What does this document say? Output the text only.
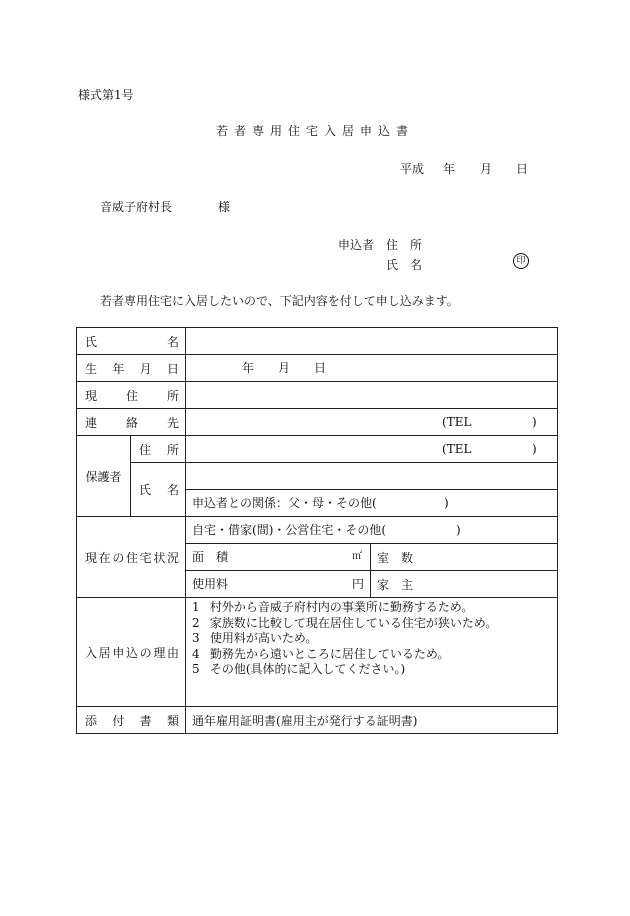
様式第1号
若者専用住宅入居申込書
平成 年 月 日
音威子府村長	様
申込者 住　所
氏　名	印
若者専用住宅に入居したいので、下記内容を付して申し込みます。
氏名			
生年月日		年 月 日	

現住所			
連絡先		(TEL )	

保護者	住所	(TEL )	

	氏名		

		申込者との関係：父・母・その他( )	

現在の住宅状況		自宅・借家(間)・公営住宅・その他( )	

		面　積 ㎡	室　数

		使用料 円	家　主
入居申込の理由		1 村外から音威子府村内の事業所に勤務するため。
2 家族数に比較して現在居住している住宅が狭いため。
3 使用料が高いため。
4 勤務先から遠いところに居住しているため。
5 その他(具体的に記入してください。)	

添付書類		通年雇用証明書(雇用主が発行する証明書)	
